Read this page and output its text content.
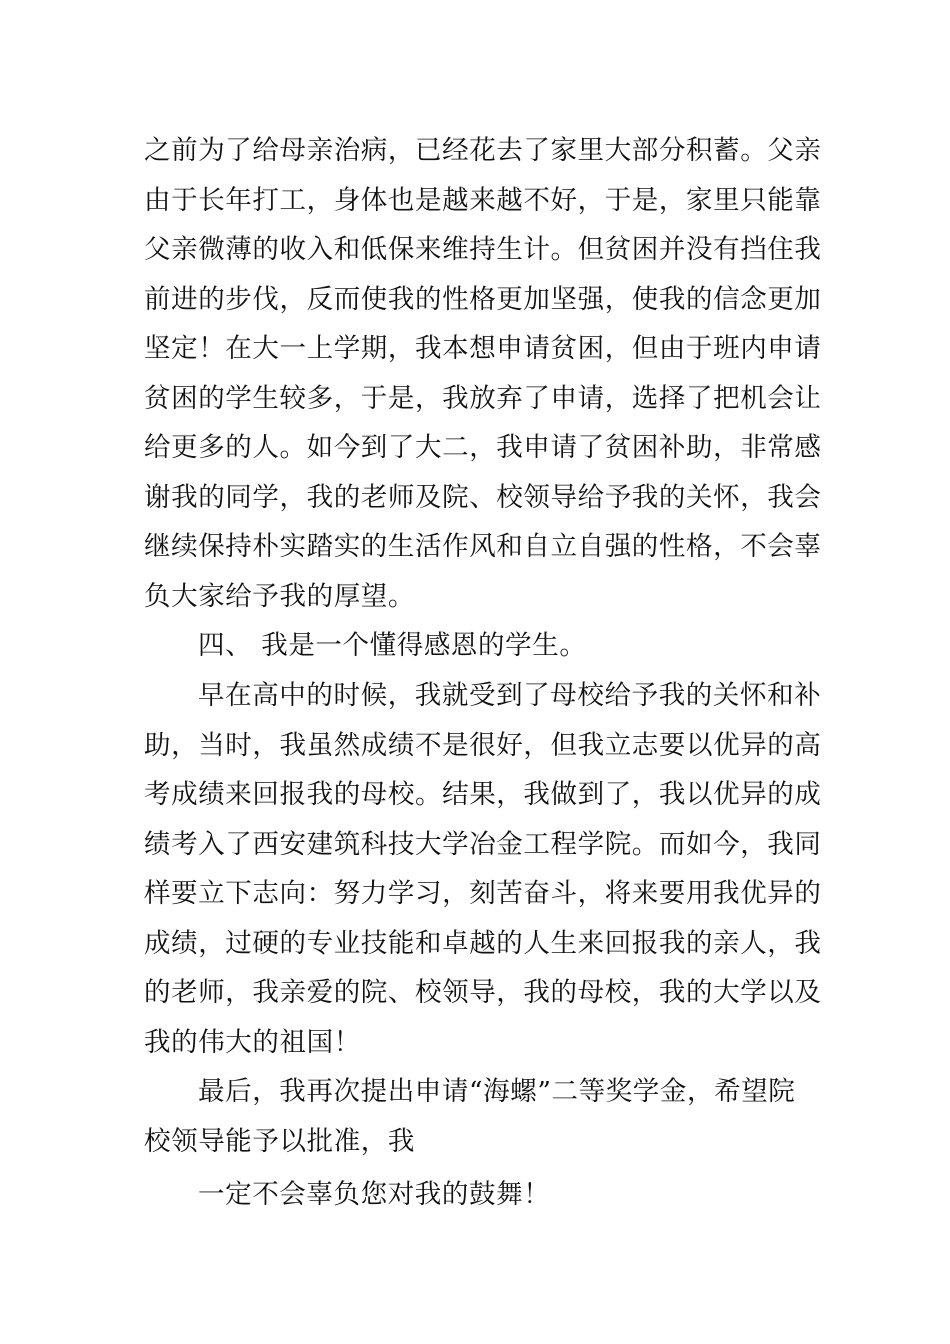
之前为了给母亲治病，已经花去了家里大部分积蓄。父亲
由于长年打工，身体也是越来越不好，于是，家里只能靠
父亲微薄的收入和低保来维持生计。但贫困并没有挡住我
前进的步伐，反而使我的性格更加坚强，使我的信念更加
坚定！在大一上学期，我本想申请贫困，但由于班内申请
贫困的学生较多，于是，我放弃了申请，选择了把机会让
给更多的人。如今到了大二，我申请了贫困补助，非常感
谢我的同学，我的老师及院、校领导给予我的关怀，我会
继续保持朴实踏实的生活作风和自立自强的性格，不会辜
负大家给予我的厚望。
四、 我是一个懂得感恩的学生。
早在高中的时候，我就受到了母校给予我的关怀和补
助，当时，我虽然成绩不是很好，但我立志要以优异的高
考成绩来回报我的母校。结果，我做到了，我以优异的成
绩考入了西安建筑科技大学冶金工程学院。而如今，我同
样要立下志向：努力学习，刻苦奋斗，将来要用我优异的
成绩，过硬的专业技能和卓越的人生来回报我的亲人，我
的老师，我亲爱的院、校领导，我的母校，我的大学以及
我的伟大的祖国！
最后，我再次提出申请“海螺”二等奖学金，希望院
校领导能予以批准，我
一定不会辜负您对我的鼓舞！
